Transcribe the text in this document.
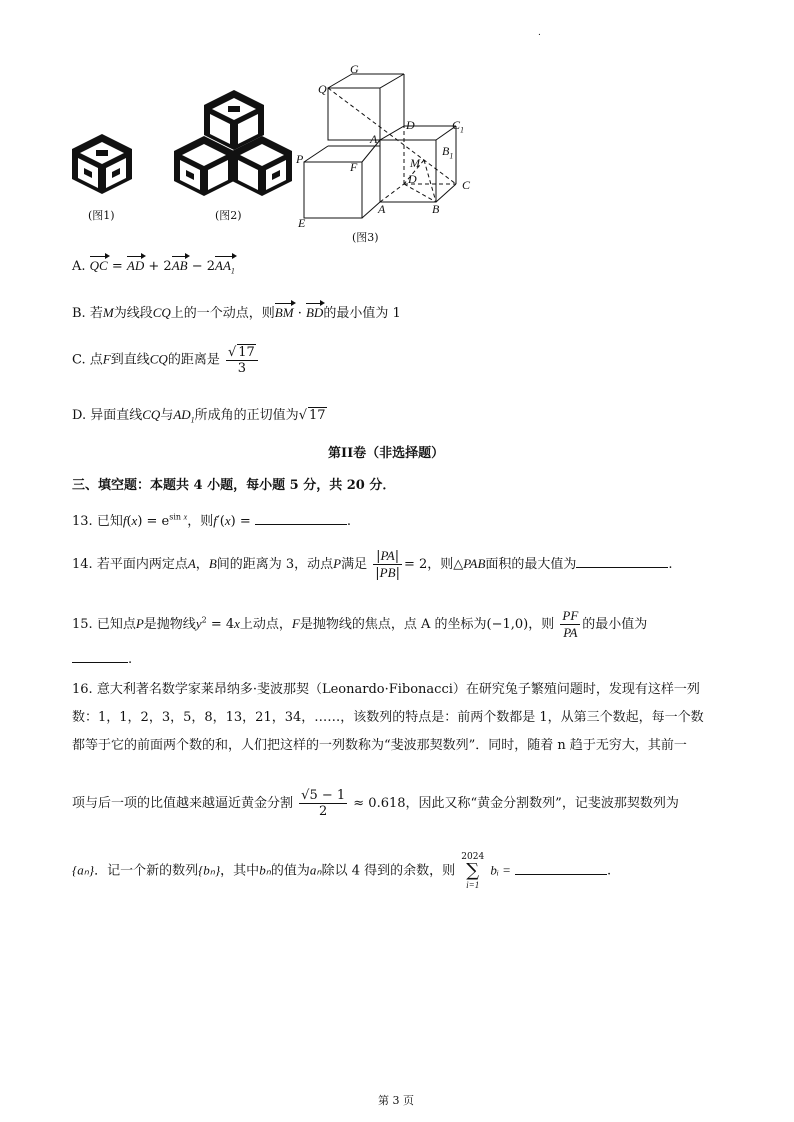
.
(图1)	(图2)
Q
G
D	$C_1$
A
$B_1$
P
F	M
D	C
E
A	B
(图3)
A. QC = AD + $2AB - 2AA_1$
B. 若M为线段CQ上的一个动点，则BM · BD的最小值为 1
C. 点F到直线CQ的距离是 $\frac{√ 17}{3}$
D. 异面直线CQ与$AD_1$所成角的正切值为√ 17
第II卷（非选择题）
三、填空题：本题共 4 小题，每小题 5 分，共 20 分．
13. 已知$f(x) = e^{sin x}$，则f′(x) =	.
14. 若平面内两定点A，B间的距离为 3，动点P满足 $\frac{|PA|}{|PB|} = 2$，则△PAB面积的最大值为	.
15. 已知点P是抛物线$y^2 = 4x$上动点，F是抛物线的焦点，点 A 的坐标为(−1,0)，则 $\frac{PF}{PA}$ 的最小值为
.
16. 意大利著名数学家莱昂纳多·斐波那契（Leonardo·Fibonacci）在研究兔子繁殖问题时，发现有这样一列
数：1，1，2，3，5，8，13，21，34，……，该数列的特点是：前两个数都是 1，从第三个数起，每一个数
都等于它的前面两个数的和，人们把这样的一列数称为“斐波那契数列”．同时，随着 n 趋于无穷大，其前一
项与后一项的比值越来越逼近黄金分割 $\frac{√5 - 1}{2} \approx 0.618$，因此又称“黄金分割数列”，记斐波那契数列为
{aₙ}．记一个新的数列{bₙ}，其中bₙ的值为aₙ除以 4 得到的余数，则
2024
∑
i=1
bᵢ =	.
第 3 页
